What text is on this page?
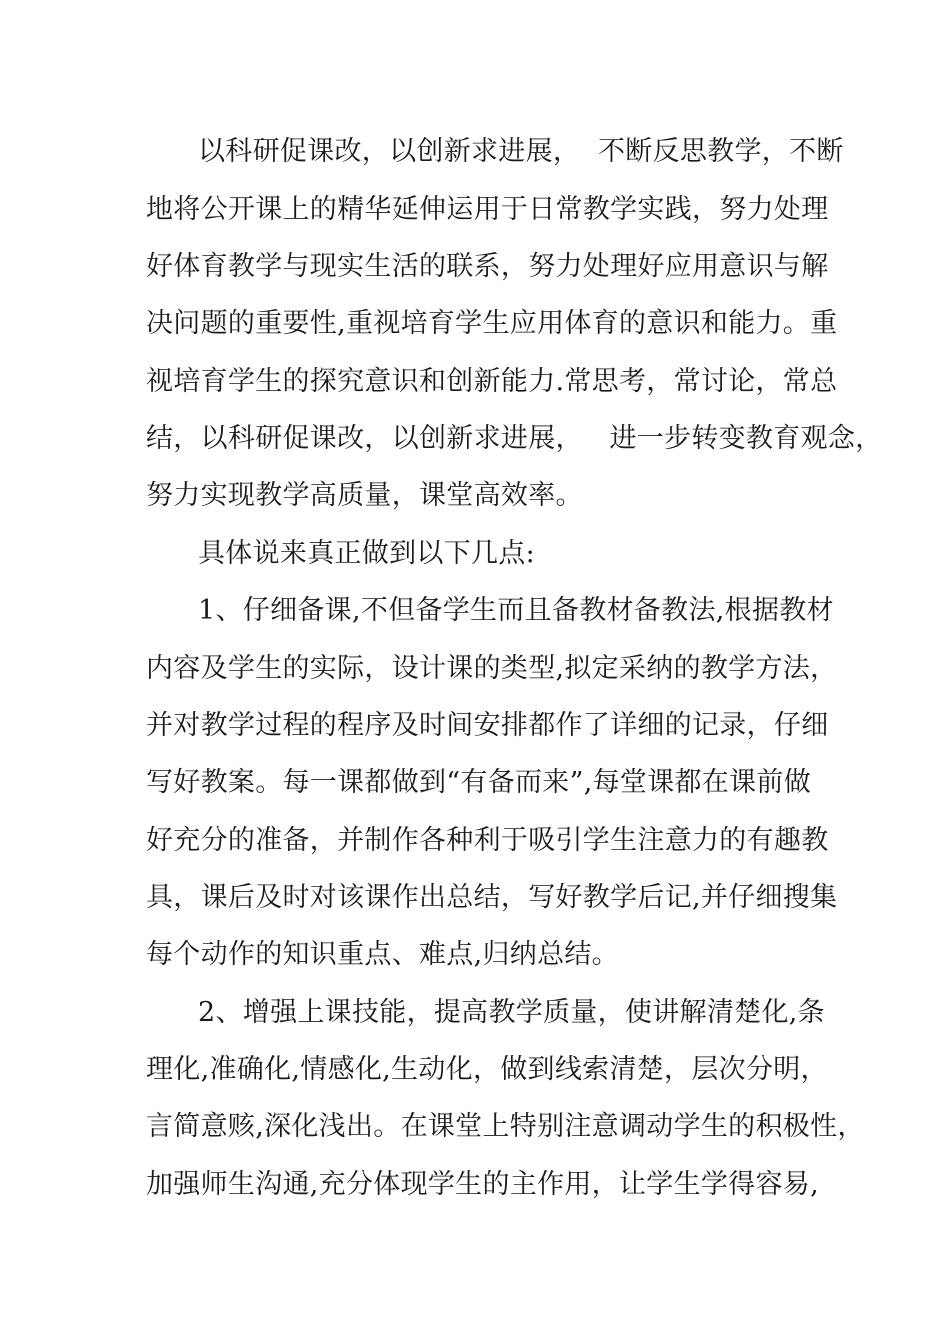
以科研促课改，以创新求进展，  不断反思教学，不断
地将公开课上的精华延伸运用于日常教学实践，努力处理
好体育教学与现实生活的联系，努力处理好应用意识与解
决问题的重要性,重视培育学生应用体育的意识和能力。重
视培育学生的探究意识和创新能力.常思考，常讨论，常总
结，以科研促课改，以创新求进展，   进一步转变教育观念，
努力实现教学高质量，课堂高效率。
具体说来真正做到以下几点:
1、仔细备课,不但备学生而且备教材备教法,根据教材
内容及学生的实际，设计课的类型,拟定采纳的教学方法，
并对教学过程的程序及时间安排都作了详细的记录，仔细
写好教案。每一课都做到“有备而来”,每堂课都在课前做
好充分的准备，并制作各种利于吸引学生注意力的有趣教
具，课后及时对该课作出总结，写好教学后记,并仔细搜集
每个动作的知识重点、难点,归纳总结。
2、增强上课技能，提高教学质量，使讲解清楚化,条
理化,准确化,情感化,生动化，做到线索清楚，层次分明，
言简意赅,深化浅出。在课堂上特别注意调动学生的积极性，
加强师生沟通,充分体现学生的主作用，让学生学得容易,
